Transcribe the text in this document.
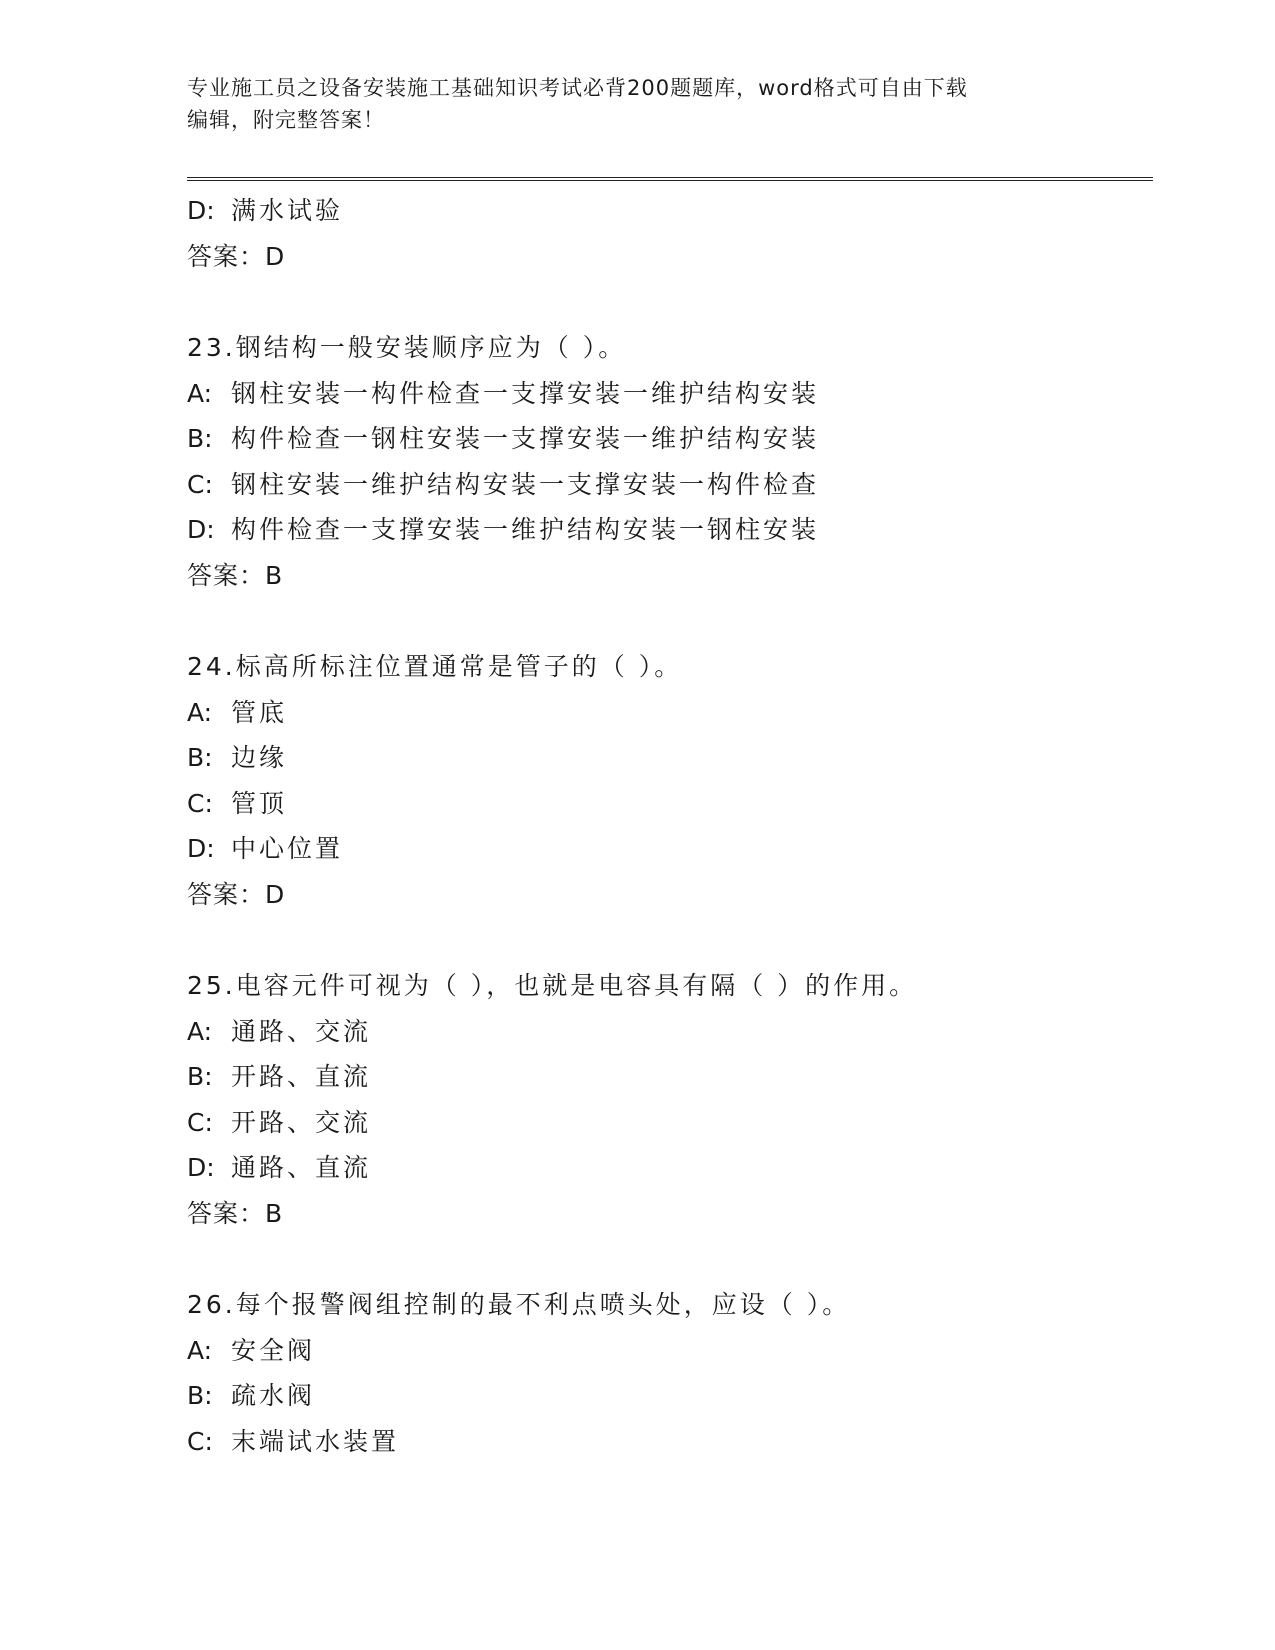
专业施工员之设备安装施工基础知识考试必背200题题库，word格式可自由下载
编辑，附完整答案！
D: 满水试验
答案：D
23.钢结构一般安装顺序应为（ ）。
A: 钢柱安装一构件检查一支撑安装一维护结构安装
B: 构件检查一钢柱安装一支撑安装一维护结构安装
C: 钢柱安装一维护结构安装一支撑安装一构件检查
D: 构件检查一支撑安装一维护结构安装一钢柱安装
答案：B
24.标高所标注位置通常是管子的（ ）。
A: 管底
B: 边缘
C: 管顶
D: 中心位置
答案：D
25.电容元件可视为（ ），也就是电容具有隔（ ）的作用。
A: 通路、交流
B: 开路、直流
C: 开路、交流
D: 通路、直流
答案：B
26.每个报警阀组控制的最不利点喷头处，应设（ ）。
A: 安全阀
B: 疏水阀
C: 末端试水装置
